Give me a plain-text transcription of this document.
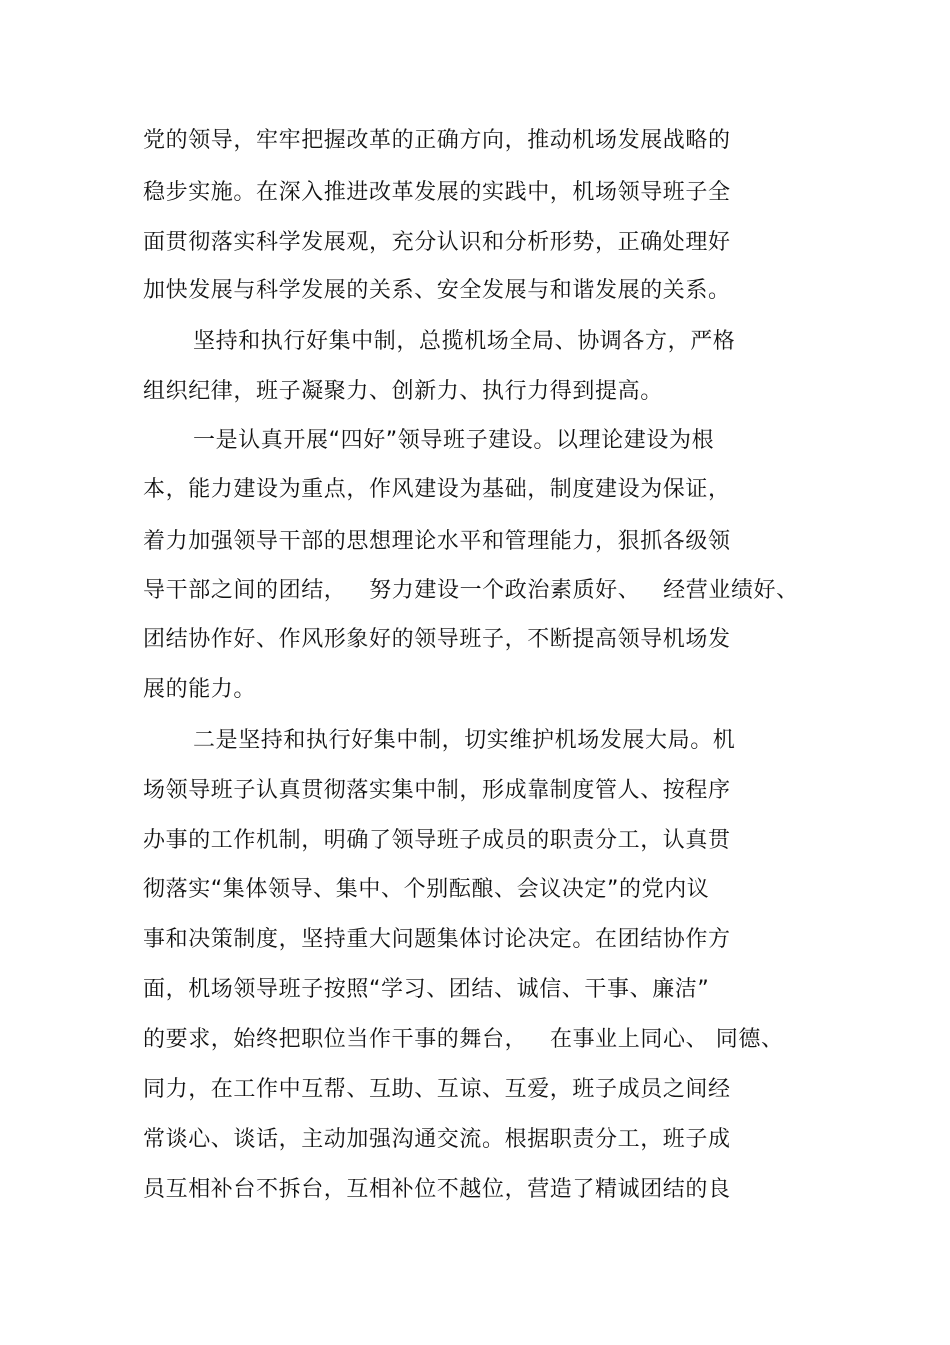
党的领导，牢牢把握改革的正确方向，推动机场发展战略的
稳步实施。在深入推进改革发展的实践中，机场领导班子全
面贯彻落实科学发展观，充分认识和分析形势，正确处理好
加快发展与科学发展的关系、安全发展与和谐发展的关系。
坚持和执行好集中制，总揽机场全局、协调各方，严格
组织纪律，班子凝聚力、创新力、执行力得到提高。
一是认真开展“四好”领导班子建设。以理论建设为根
本，能力建设为重点，作风建设为基础，制度建设为保证，
着力加强领导干部的思想理论水平和管理能力，狠抓各级领
导干部之间的团结，   努力建设一个政治素质好、   经营业绩好、
团结协作好、作风形象好的领导班子，不断提高领导机场发
展的能力。
二是坚持和执行好集中制，切实维护机场发展大局。机
场领导班子认真贯彻落实集中制，形成靠制度管人、按程序
办事的工作机制，明确了领导班子成员的职责分工，认真贯
彻落实“集体领导、集中、个别酝酿、会议决定”的党内议
事和决策制度，坚持重大问题集体讨论决定。在团结协作方
面，机场领导班子按照“学习、团结、诚信、干事、廉洁”
的要求，始终把职位当作干事的舞台，   在事业上同心、 同德、
同力，在工作中互帮、互助、互谅、互爱，班子成员之间经
常谈心、谈话，主动加强沟通交流。根据职责分工，班子成
员互相补台不拆台，互相补位不越位，营造了精诚团结的良
